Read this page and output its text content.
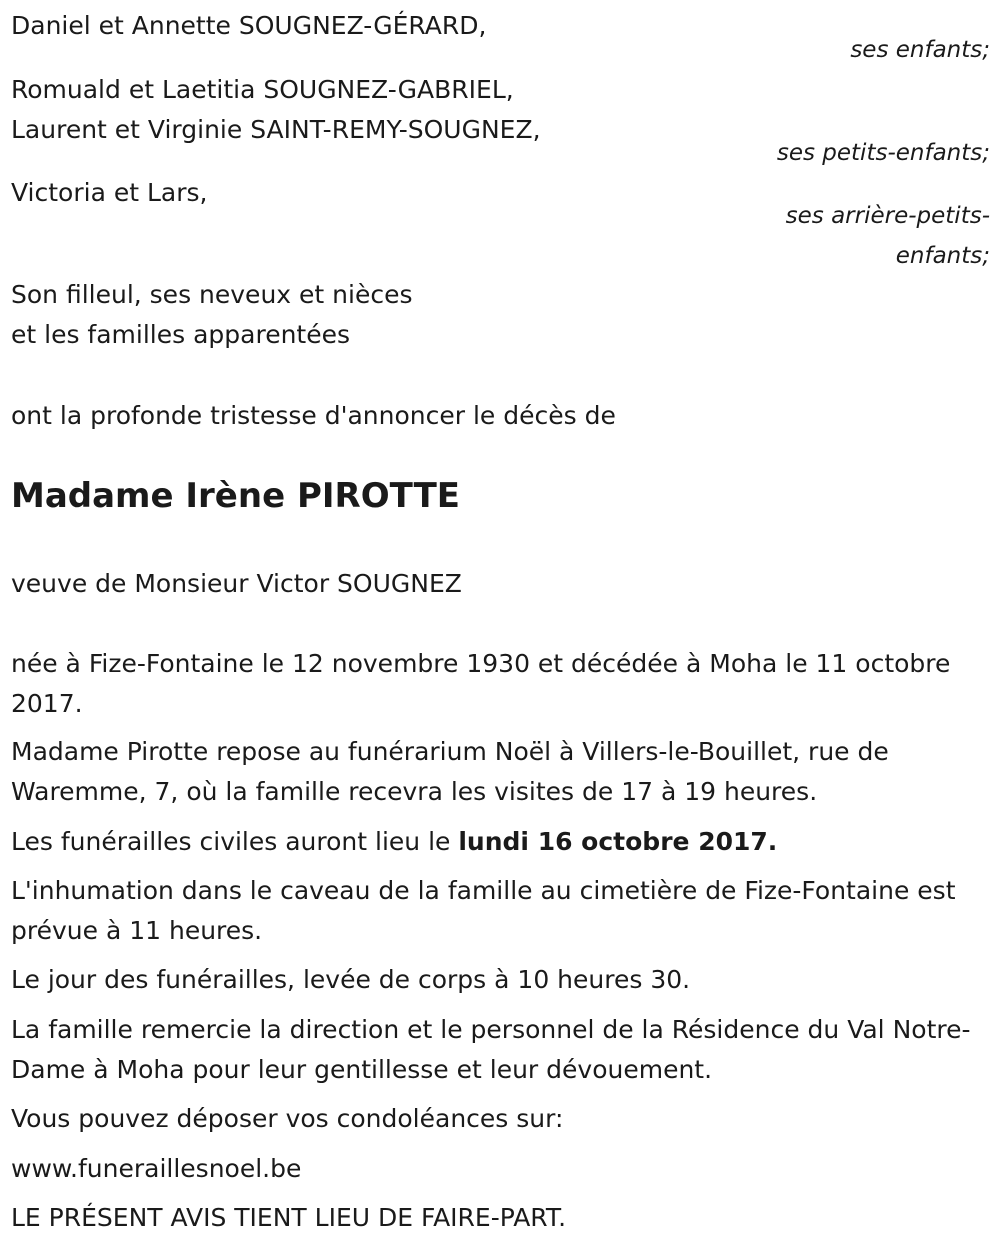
Daniel et Annette SOUGNEZ-GÉRARD,
ses enfants;
Romuald et Laetitia SOUGNEZ-GABRIEL,
Laurent et Virginie SAINT-REMY-SOUGNEZ,
ses petits-enfants;
Victoria et Lars,
ses arrière-petits-
enfants;
Son filleul, ses neveux et nièces
et les familles apparentées
ont la profonde tristesse d'annoncer le décès de
Madame Irène PIROTTE
veuve de Monsieur Victor SOUGNEZ
née à Fize-Fontaine le 12 novembre 1930 et décédée à Moha le 11 octobre 2017.
Madame Pirotte repose au funérarium Noël à Villers-le-Bouillet, rue de Waremme, 7, où la famille recevra les visites de 17 à 19 heures.
Les funérailles civiles auront lieu le lundi 16 octobre 2017.
L'inhumation dans le caveau de la famille au cimetière de Fize-Fontaine est prévue à 11 heures.
Le jour des funérailles, levée de corps à 10 heures 30.
La famille remercie la direction et le personnel de la Résidence du Val Notre-Dame à Moha pour leur gentillesse et leur dévouement.
Vous pouvez déposer vos condoléances sur:
www.funeraillesnoel.be
LE PRÉSENT AVIS TIENT LIEU DE FAIRE-PART.
